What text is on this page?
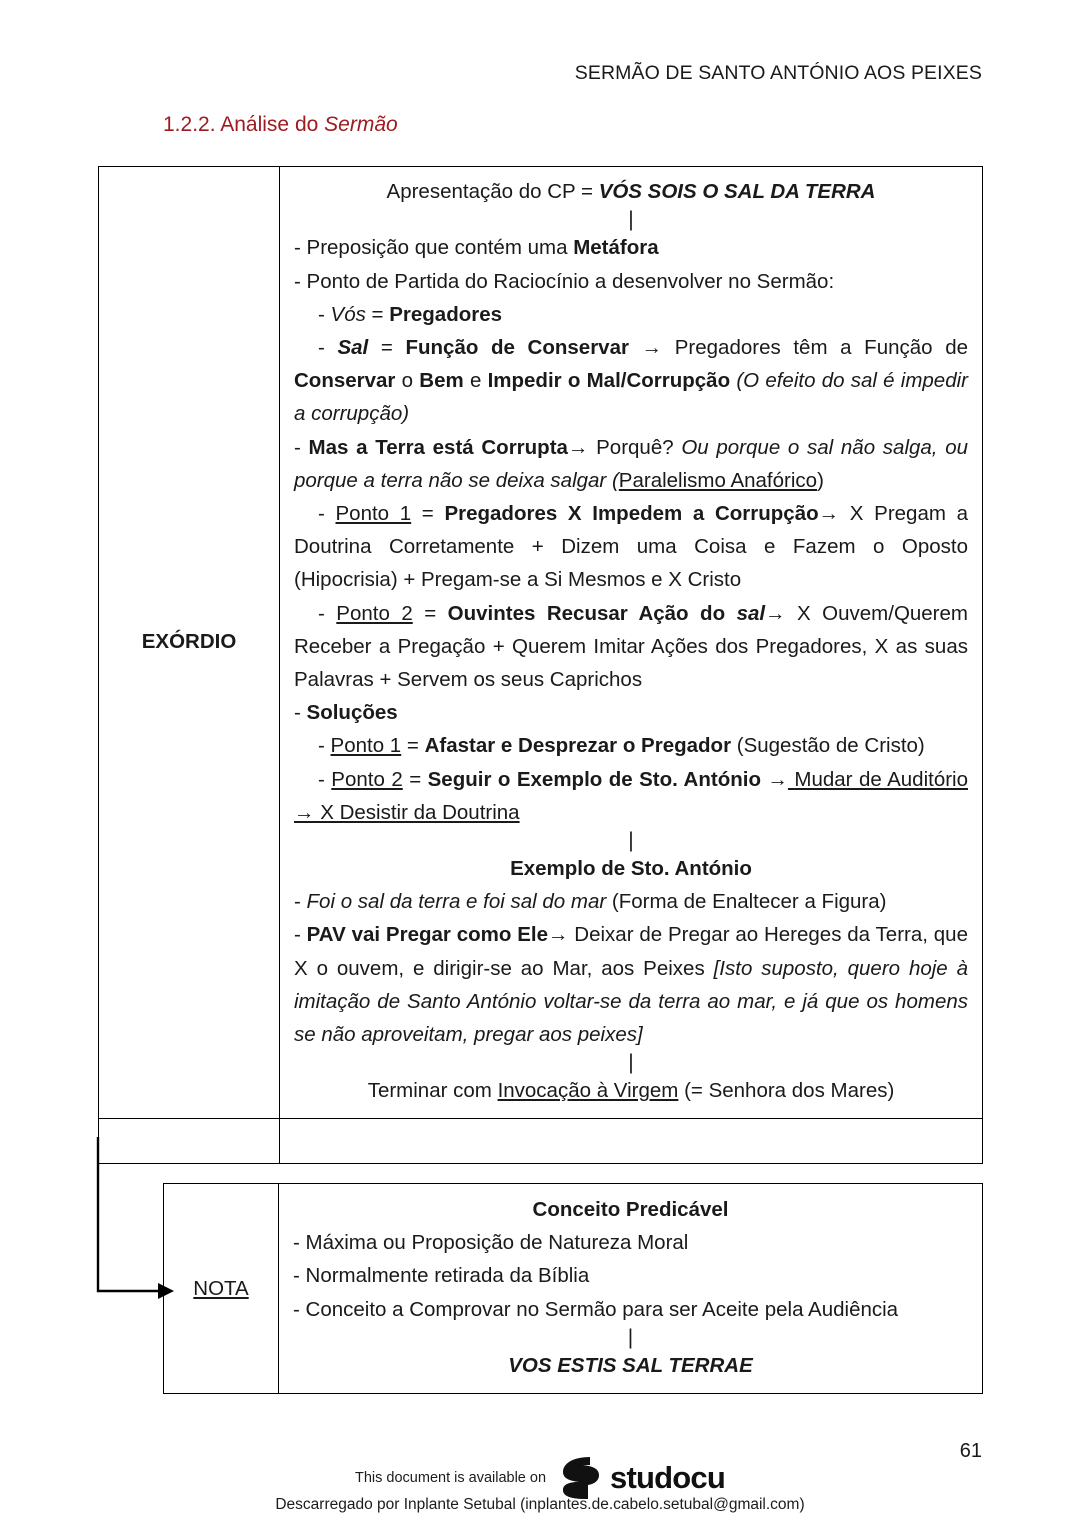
SERMÃO DE SANTO ANTÓNIO AOS PEIXES
1.2.2. Análise do Sermão
EXÓRDIO	
Apresentação do CP = VÓS SOIS O SAL DA TERRA
|
- Preposição que contém uma Metáfora
- Ponto de Partida do Raciocínio a desenvolver no Sermão:
- Vós = Pregadores
- Sal = Função de Conservar → Pregadores têm a Função de Conservar o Bem e Impedir o Mal/Corrupção (O efeito do sal é impedir a corrupção)
- Mas a Terra está Corrupta→ Porquê? Ou porque o sal não salga, ou porque a terra não se deixa salgar (Paralelismo Anafórico)
- Ponto 1 = Pregadores X Impedem a Corrupção→ X Pregam a Doutrina Corretamente + Dizem uma Coisa e Fazem o Oposto (Hipocrisia) + Pregam-se a Si Mesmos e X Cristo
- Ponto 2 = Ouvintes Recusar Ação do sal→ X Ouvem/Querem Receber a Pregação + Querem Imitar Ações dos Pregadores, X as suas Palavras + Servem os seus Caprichos
- Soluções
- Ponto 1 = Afastar e Desprezar o Pregador (Sugestão de Cristo)
- Ponto 2 = Seguir o Exemplo de Sto. António → Mudar de Auditório → X Desistir da Doutrina
|
Exemplo de Sto. António
- Foi o sal da terra e foi sal do mar (Forma de Enaltecer a Figura)
- PAV vai Pregar como Ele→ Deixar de Pregar ao Hereges da Terra, que X o ouvem, e dirigir-se ao Mar, aos Peixes [Isto suposto, quero hoje à imitação de Santo António voltar-se da terra ao mar, e já que os homens se não aproveitam, pregar aos peixes]
|
Terminar com Invocação à Virgem (= Senhora dos Mares)

NOTA	
Conceito Predicável
- Máxima ou Proposição de Natureza Moral
- Normalmente retirada da Bíblia
- Conceito a Comprovar no Sermão para ser Aceite pela Audiência
|
VOS ESTIS SAL TERRAE
61
This document is available on studocu
Descarregado por Inplante Setubal (inplantes.de.cabelo.setubal@gmail.com)
